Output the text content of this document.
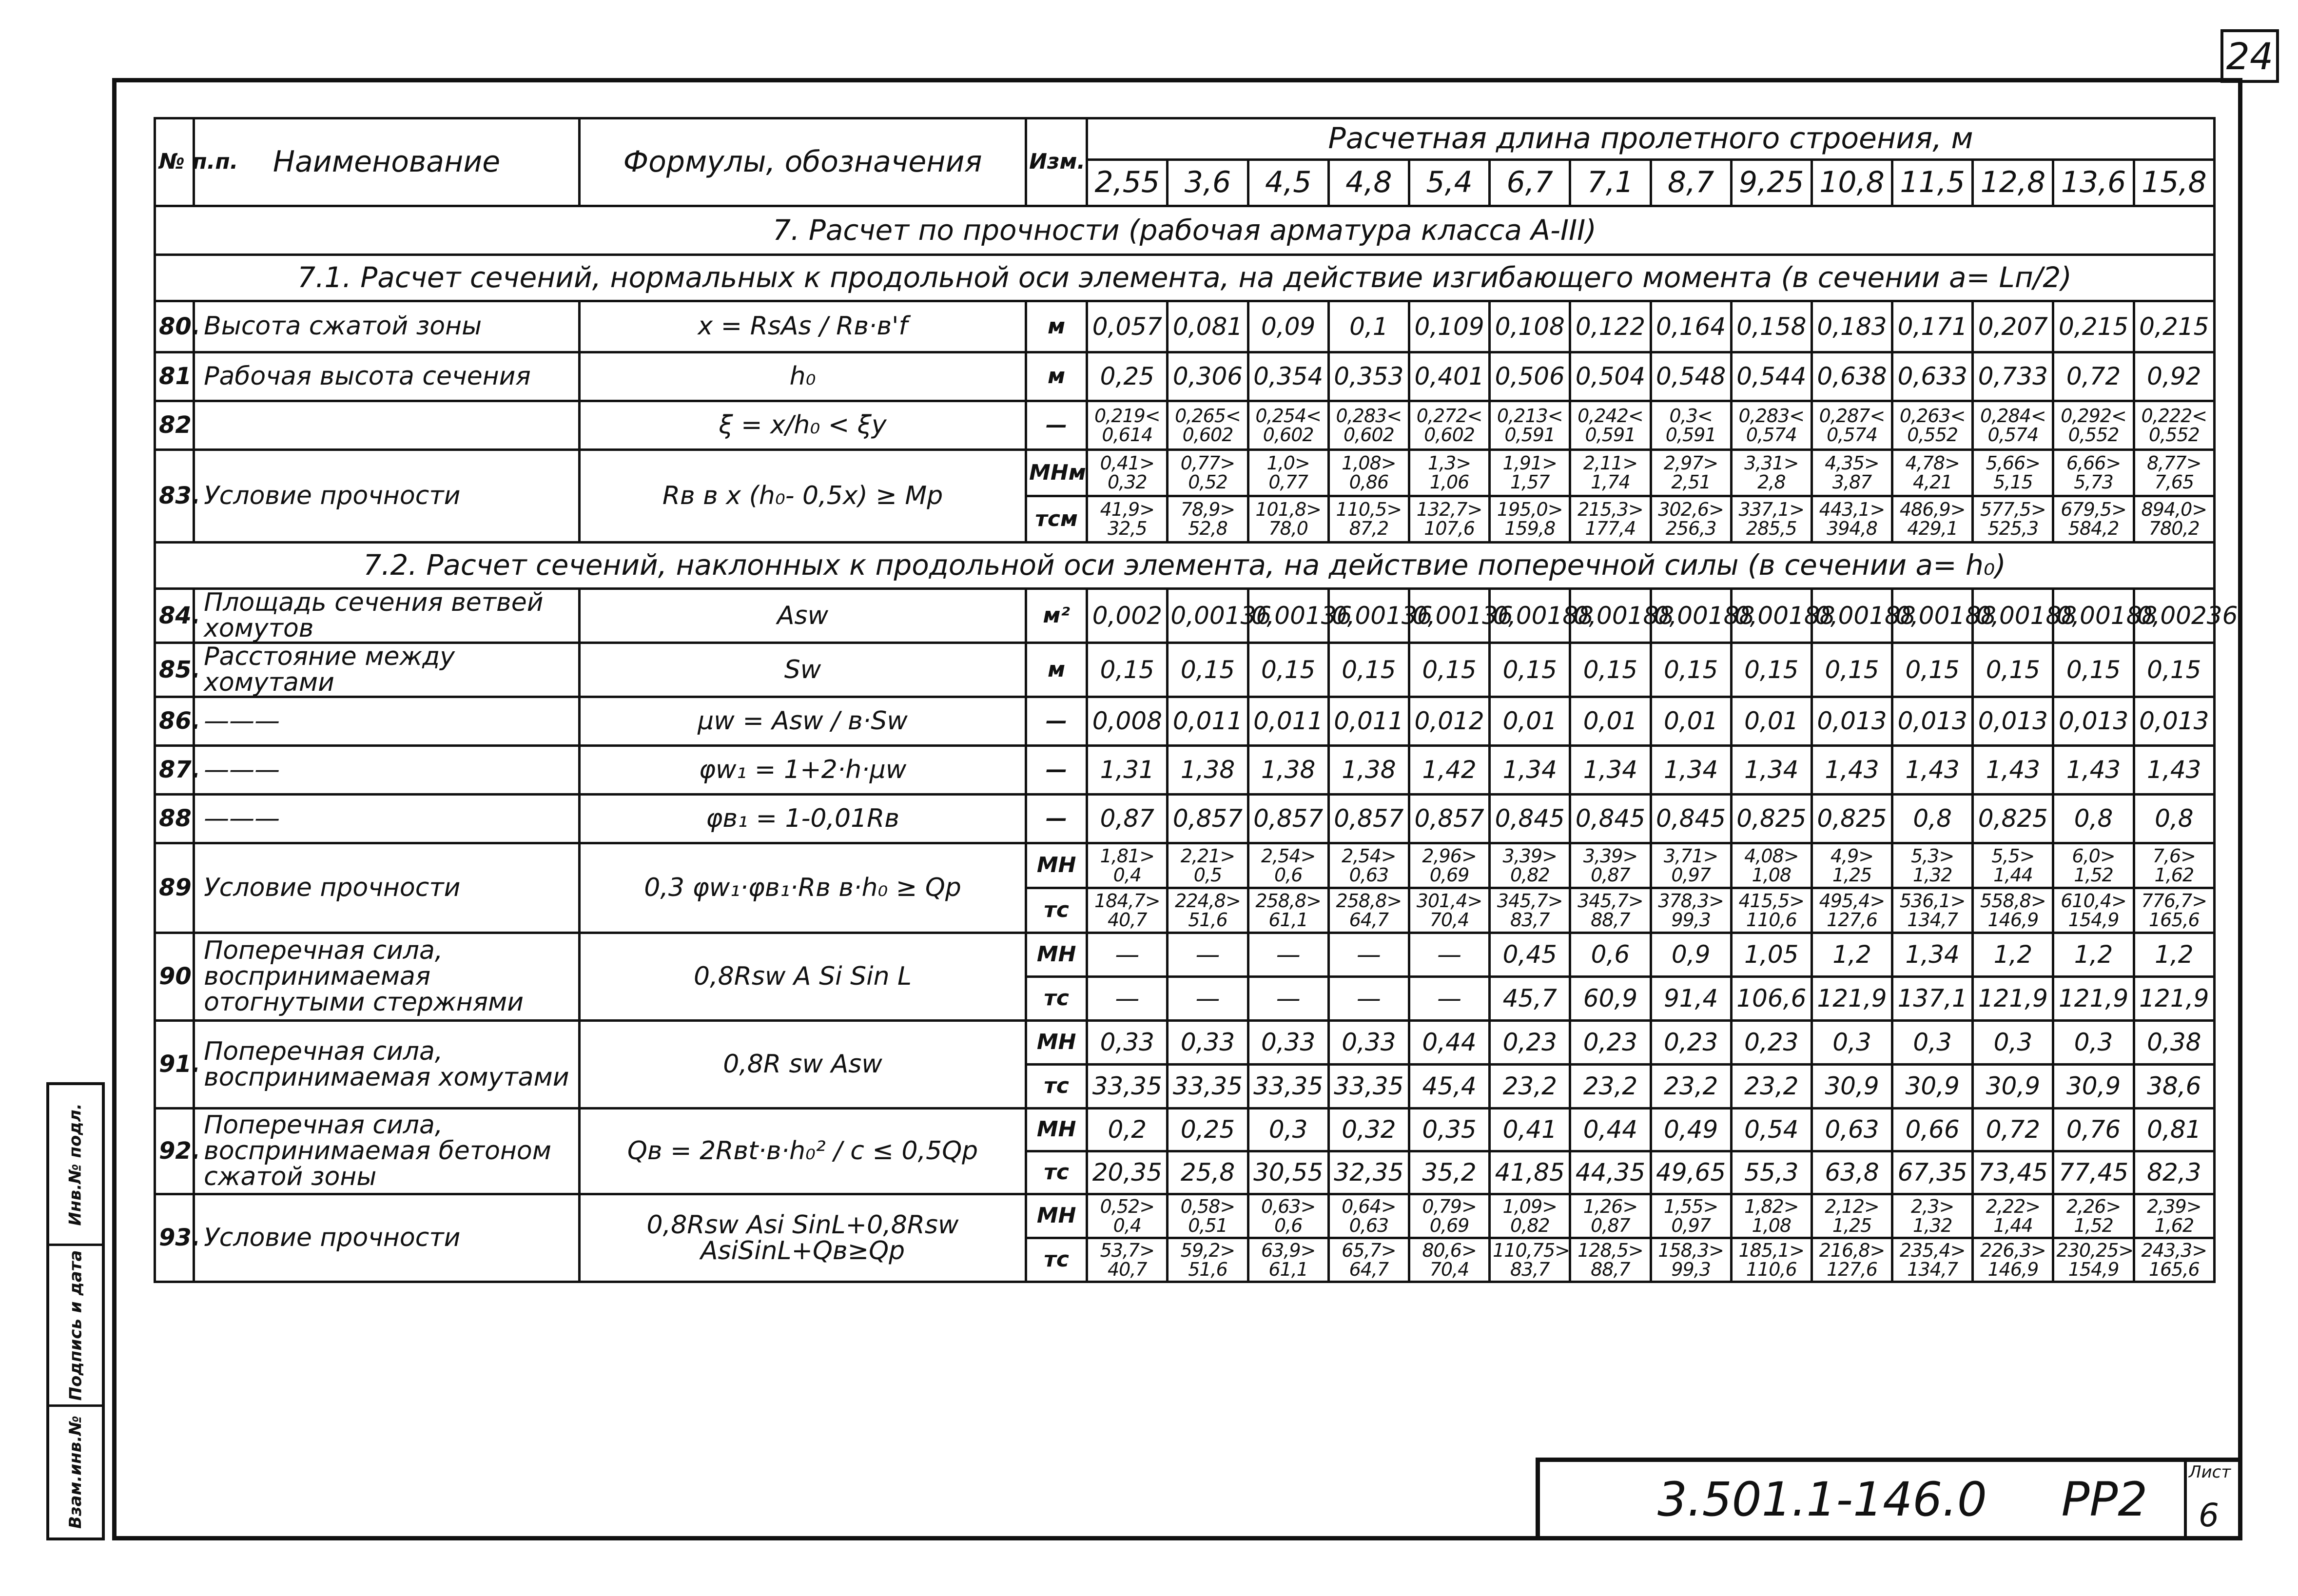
24
№ п.п.	Наименование	Формулы, обозначения	Изм.	Расчетная длина пролетного строения, м													
				2,55	3,6	4,5	4,8	5,4	6,7	7,1	8,7	9,25	10,8	11,5	12,8	13,6	15,8
7. Расчет по прочности (рабочая арматура класса А-III)																	
7.1. Расчет сечений, нормальных к продольной оси элемента, на действие изгибающего момента (в сечении а= Lп/2)																	
80.	Высота сжатой зоны	x = RsAs / Rв·в'f	м	0,057	0,081	0,09	0,1	0,109	0,108	0,122	0,164	0,158	0,183	0,171	0,207	0,215	0,215
81	Рабочая высота сечения	h₀	м	0,25	0,306	0,354	0,353	0,401	0,506	0,504	0,548	0,544	0,638	0,633	0,733	0,72	0,92
82		ξ = x/h₀ < ξy	—	0,219< 0,614	0,265< 0,602	0,254< 0,602	0,283< 0,602	0,272< 0,602	0,213< 0,591	0,242< 0,591	0,3< 0,591	0,283< 0,574	0,287< 0,574	0,263< 0,552	0,284< 0,574	0,292< 0,552	0,222< 0,552
83.	Условие прочности	Rв в x (h₀- 0,5x) ≥ Mp	МНм	0,41> 0,32	0,77> 0,52	1,0> 0,77	1,08> 0,86	1,3> 1,06	1,91> 1,57	2,11> 1,74	2,97> 2,51	3,31> 2,8	4,35> 3,87	4,78> 4,21	5,66> 5,15	6,66> 5,73	8,77> 7,65
			тсм	41,9> 32,5	78,9> 52,8	101,8> 78,0	110,5> 87,2	132,7> 107,6	195,0> 159,8	215,3> 177,4	302,6> 256,3	337,1> 285,5	443,1> 394,8	486,9> 429,1	577,5> 525,3	679,5> 584,2	894,0> 780,2
7.2. Расчет сечений, наклонных к продольной оси элемента, на действие поперечной силы (в сечении а= h₀)																	
84.	Площадь сечения ветвей хомутов	Asw	м²	0,002	0,00136	0,00136	0,00136	0,00136	0,00188	0,00188	0,00188	0,00188	0,00188	0,00188	0,00188	0,00188	0,00236
85.	Расстояние между хомутами	Sw	м	0,15	0,15	0,15	0,15	0,15	0,15	0,15	0,15	0,15	0,15	0,15	0,15	0,15	0,15
86.	———	μw = Asw / в·Sw	—	0,008	0,011	0,011	0,011	0,012	0,01	0,01	0,01	0,01	0,013	0,013	0,013	0,013	0,013
87.	———	φw₁ = 1+2·h·μw	—	1,31	1,38	1,38	1,38	1,42	1,34	1,34	1,34	1,34	1,43	1,43	1,43	1,43	1,43
88	———	φв₁ = 1-0,01Rв	—	0,87	0,857	0,857	0,857	0,857	0,845	0,845	0,845	0,825	0,825	0,8	0,825	0,8	0,8
89	Условие прочности	0,3 φw₁·φв₁·Rв в·h₀ ≥ Qp	МН	1,81> 0,4	2,21> 0,5	2,54> 0,6	2,54> 0,63	2,96> 0,69	3,39> 0,82	3,39> 0,87	3,71> 0,97	4,08> 1,08	4,9> 1,25	5,3> 1,32	5,5> 1,44	6,0> 1,52	7,6> 1,62
			тс	184,7> 40,7	224,8> 51,6	258,8> 61,1	258,8> 64,7	301,4> 70,4	345,7> 83,7	345,7> 88,7	378,3> 99,3	415,5> 110,6	495,4> 127,6	536,1> 134,7	558,8> 146,9	610,4> 154,9	776,7> 165,6
90	Поперечная сила, воспринимаемая отогнутыми стержнями	0,8Rsw A Si Sin L	МН	—	—	—	—	—	0,45	0,6	0,9	1,05	1,2	1,34	1,2	1,2	1,2
			тс	—	—	—	—	—	45,7	60,9	91,4	106,6	121,9	137,1	121,9	121,9	121,9
91.	Поперечная сила, воспринимаемая хомутами	0,8R sw Asw	МН	0,33	0,33	0,33	0,33	0,44	0,23	0,23	0,23	0,23	0,3	0,3	0,3	0,3	0,38
			тс	33,35	33,35	33,35	33,35	45,4	23,2	23,2	23,2	23,2	30,9	30,9	30,9	30,9	38,6
92.	Поперечная сила, воспринимаемая бетоном сжатой зоны	Qв = 2Rвt·в·h₀² / c ≤ 0,5Qp	МН	0,2	0,25	0,3	0,32	0,35	0,41	0,44	0,49	0,54	0,63	0,66	0,72	0,76	0,81
			тс	20,35	25,8	30,55	32,35	35,2	41,85	44,35	49,65	55,3	63,8	67,35	73,45	77,45	82,3
93.	Условие прочности	0,8Rsw Asi SinL+0,8Rsw AsiSinL+Qв≥Qp	МН	0,52> 0,4	0,58> 0,51	0,63> 0,6	0,64> 0,63	0,79> 0,69	1,09> 0,82	1,26> 0,87	1,55> 0,97	1,82> 1,08	2,12> 1,25	2,3> 1,32	2,22> 1,44	2,26> 1,52	2,39> 1,62
			тс	53,7> 40,7	59,2> 51,6	63,9> 61,1	65,7> 64,7	80,6> 70,4	110,75> 83,7	128,5> 88,7	158,3> 99,3	185,1> 110,6	216,8> 127,6	235,4> 134,7	226,3> 146,9	230,25> 154,9	243,3> 165,6
Инв.№ подл.
Подпись и дата
Взам.инв.№	3.501.1-146.0     РР2 Лист
6
